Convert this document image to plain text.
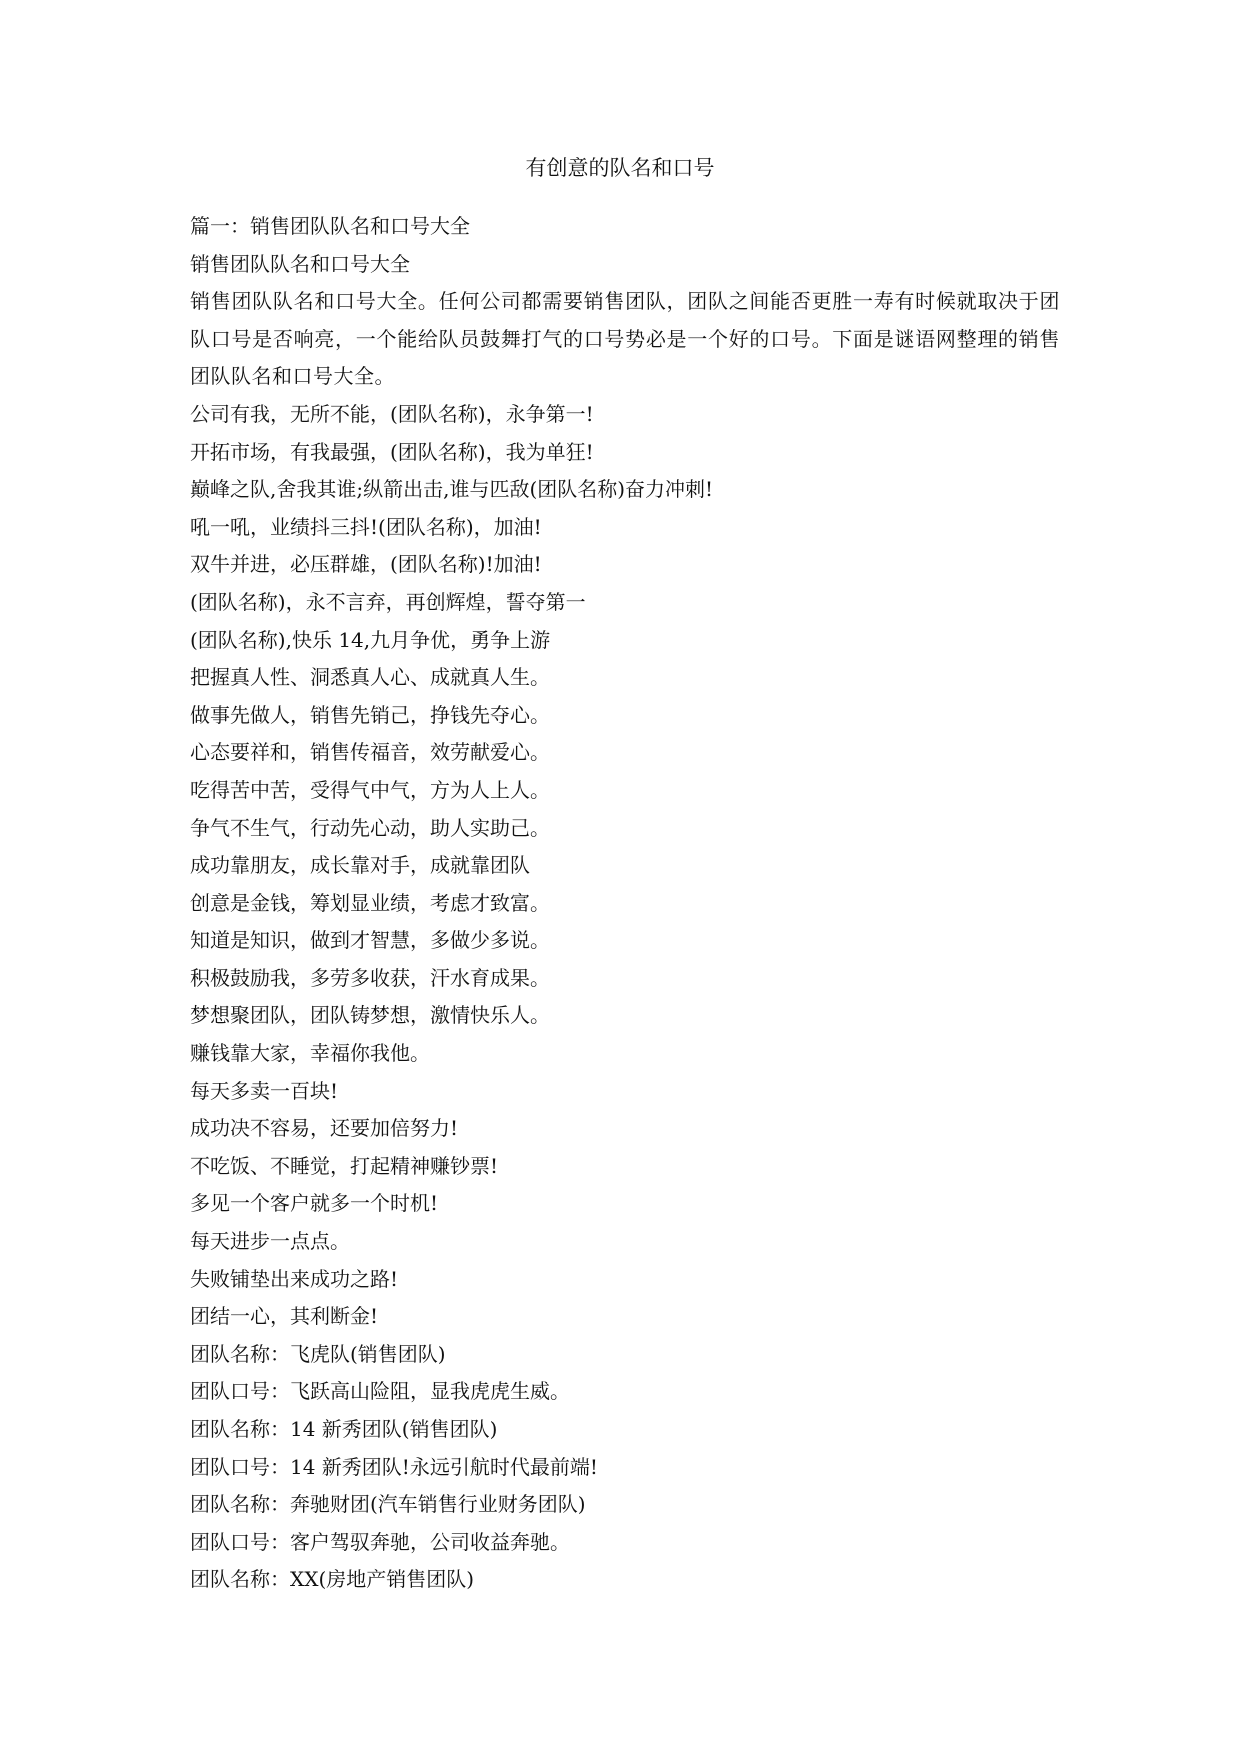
有创意的队名和口号

篇一：销售团队队名和口号大全

销售团队队名和口号大全

销售团队队名和口号大全。任何公司都需要销售团队，团队之间能否更胜一寿有时候就取决于团队口号是否响亮，一个能给队员鼓舞打气的口号势必是一个好的口号。下面是谜语网整理的销售团队队名和口号大全。

公司有我，无所不能，(团队名称)，永争第一!

开拓市场，有我最强，(团队名称)，我为单狂!

巅峰之队,舍我其谁;纵箭出击,谁与匹敌(团队名称)奋力冲刺!

吼一吼，业绩抖三抖!(团队名称)，加油!

双牛并进，必压群雄，(团队名称)!加油!

(团队名称)，永不言弃，再创辉煌，誓夺第一

(团队名称),快乐 14,九月争优，勇争上游

把握真人性、洞悉真人心、成就真人生。

做事先做人，销售先销己，挣钱先夺心。

心态要祥和，销售传福音，效劳献爱心。

吃得苦中苦，受得气中气，方为人上人。

争气不生气，行动先心动，助人实助己。

成功靠朋友，成长靠对手，成就靠团队

创意是金钱，筹划显业绩，考虑才致富。

知道是知识，做到才智慧，多做少多说。

积极鼓励我，多劳多收获，汗水育成果。

梦想聚团队，团队铸梦想，激情快乐人。

赚钱靠大家，幸福你我他。

每天多卖一百块!

成功决不容易，还要加倍努力!

不吃饭、不睡觉，打起精神赚钞票!

多见一个客户就多一个时机!

每天进步一点点。

失败铺垫出来成功之路!

团结一心，其利断金!

团队名称：飞虎队(销售团队)

团队口号：飞跃高山险阻，显我虎虎生威。

团队名称：14 新秀团队(销售团队)

团队口号：14 新秀团队!永远引航时代最前端!

团队名称：奔驰财团(汽车销售行业财务团队)

团队口号：客户驾驭奔驰，公司收益奔驰。

团队名称：XX(房地产销售团队)
